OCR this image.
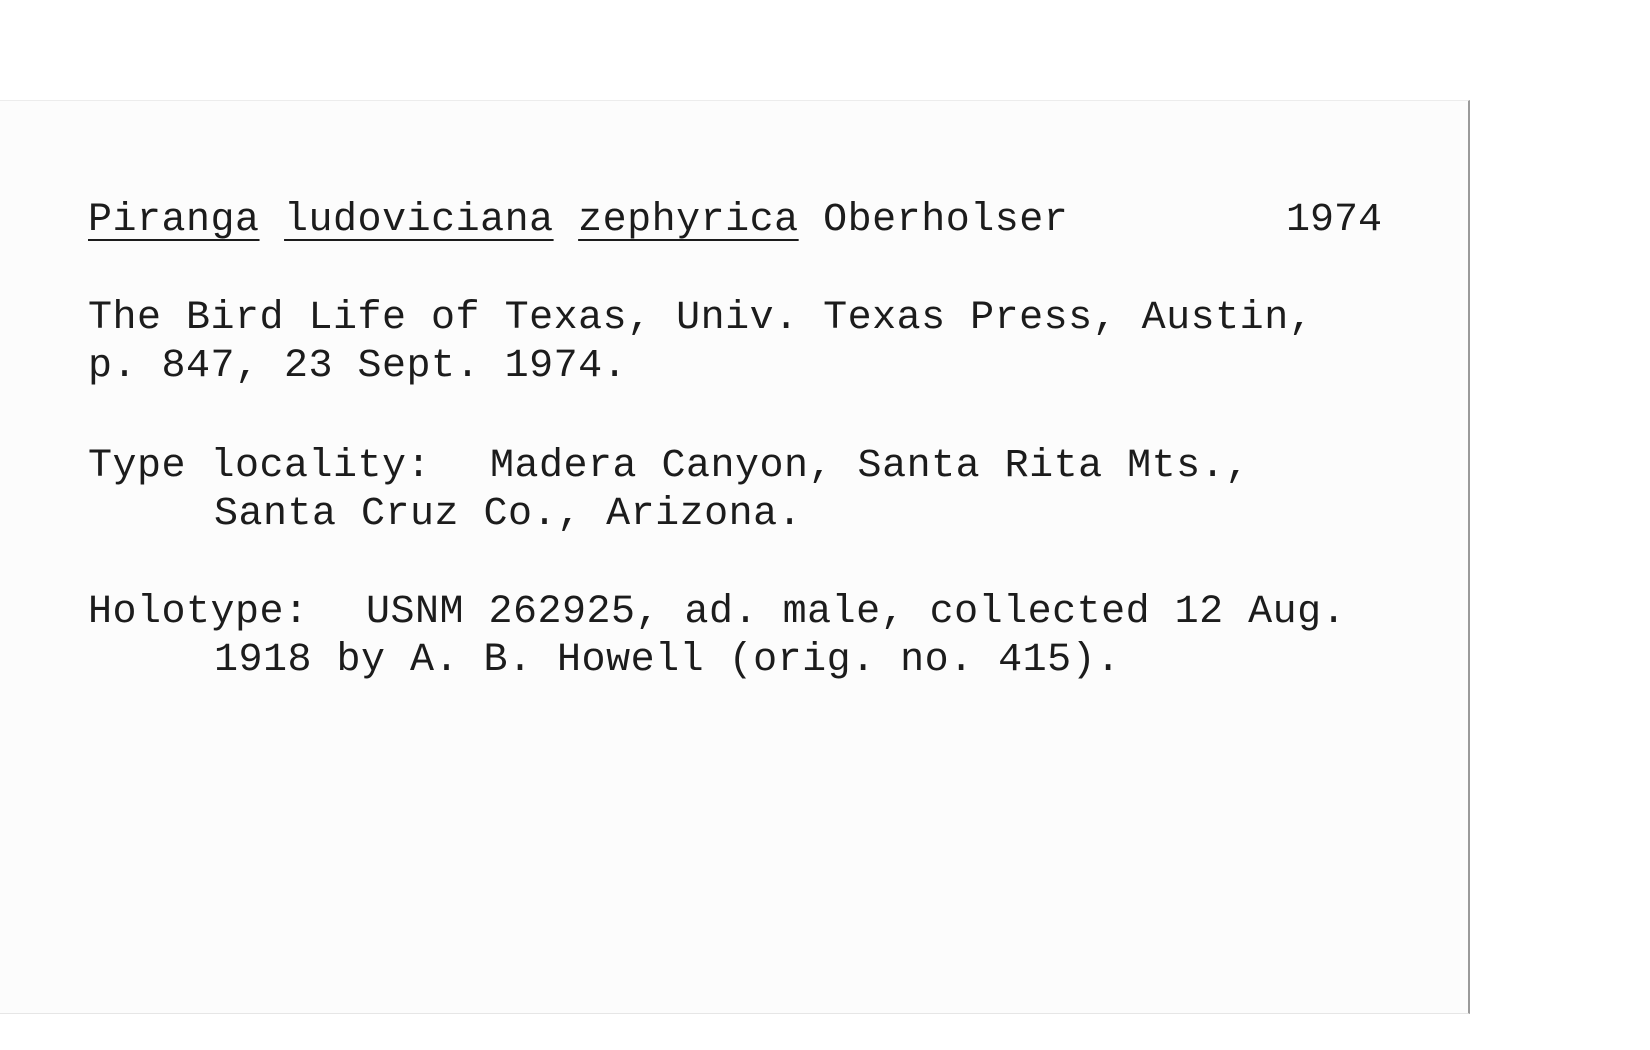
Piranga ludoviciana zephyrica Oberholser	1974
The Bird Life of Texas, Univ. Texas Press, Austin,
p. 847, 23 Sept. 1974.
Type locality: Madera Canyon, Santa Rita Mts.,
Santa Cruz Co., Arizona.
Holotype: USNM 262925, ad. male, collected 12 Aug.
1918 by A. B. Howell (orig. no. 415).
